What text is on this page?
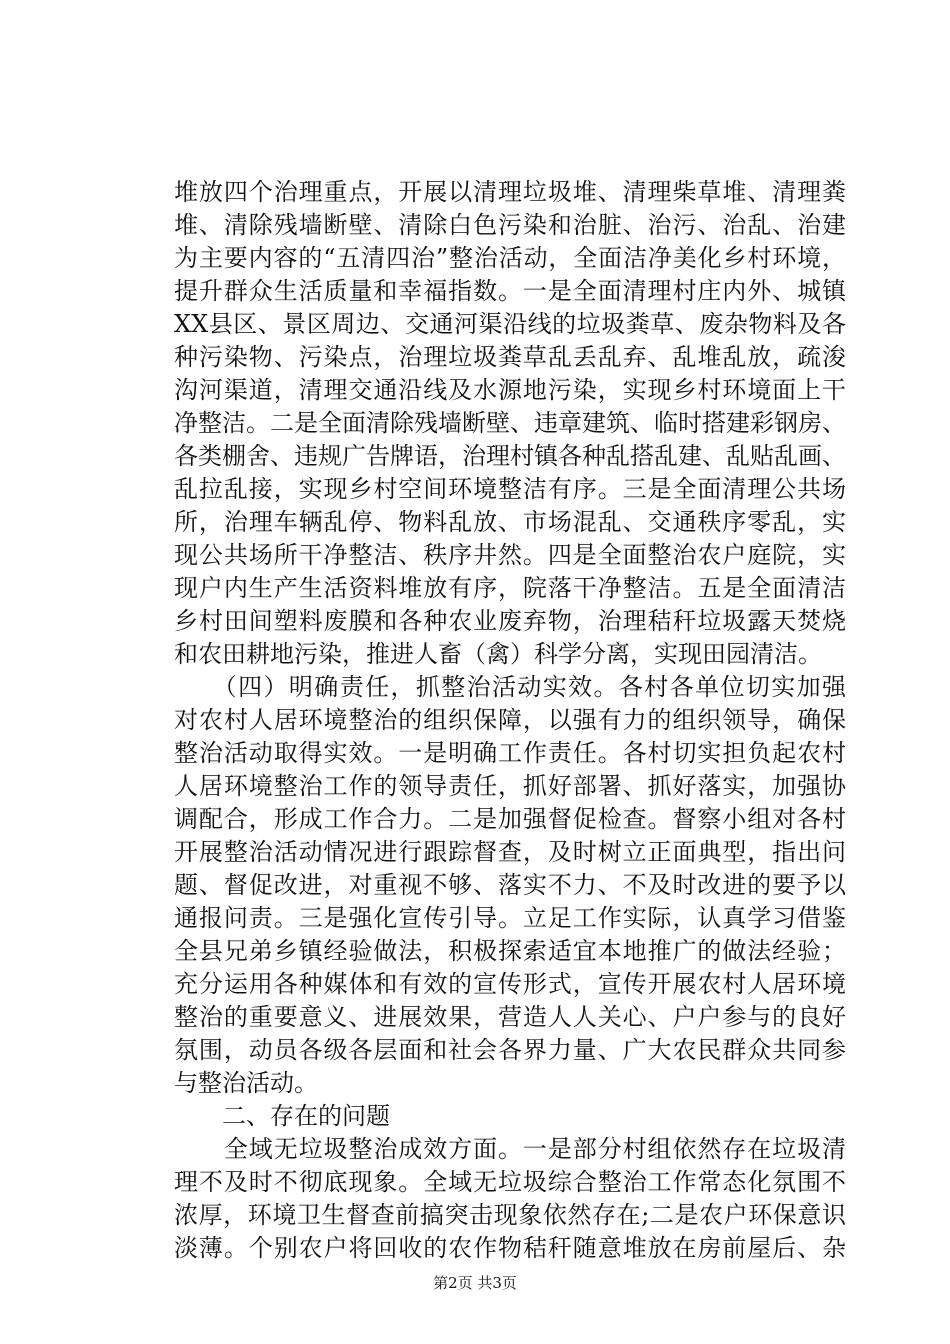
堆放四个治理重点，开展以清理垃圾堆、清理柴草堆、清理粪
堆、清除残墙断壁、清除白色污染和治脏、治污、治乱、治建
为主要内容的“五清四治”整治活动，全面洁净美化乡村环境，
提升群众生活质量和幸福指数。一是全面清理村庄内外、城镇
XX县区、景区周边、交通河渠沿线的垃圾粪草、废杂物料及各
种污染物、污染点，治理垃圾粪草乱丢乱弃、乱堆乱放，疏浚
沟河渠道，清理交通沿线及水源地污染，实现乡村环境面上干
净整洁。二是全面清除残墙断壁、违章建筑、临时搭建彩钢房、
各类棚舍、违规广告牌语，治理村镇各种乱搭乱建、乱贴乱画、
乱拉乱接，实现乡村空间环境整洁有序。三是全面清理公共场
所，治理车辆乱停、物料乱放、市场混乱、交通秩序零乱，实
现公共场所干净整洁、秩序井然。四是全面整治农户庭院，实
现户内生产生活资料堆放有序，院落干净整洁。五是全面清洁
乡村田间塑料废膜和各种农业废弃物，治理秸秆垃圾露天焚烧
和农田耕地污染，推进人畜（禽）科学分离，实现田园清洁。
　　（四）明确责任，抓整治活动实效。各村各单位切实加强
对农村人居环境整治的组织保障，以强有力的组织领导，确保
整治活动取得实效。一是明确工作责任。各村切实担负起农村
人居环境整治工作的领导责任，抓好部署、抓好落实，加强协
调配合，形成工作合力。二是加强督促检查。督察小组对各村
开展整治活动情况进行跟踪督查，及时树立正面典型，指出问
题、督促改进，对重视不够、落实不力、不及时改进的要予以
通报问责。三是强化宣传引导。立足工作实际，认真学习借鉴
全县兄弟乡镇经验做法，积极探索适宜本地推广的做法经验；
充分运用各种媒体和有效的宣传形式，宣传开展农村人居环境
整治的重要意义、进展效果，营造人人关心、户户参与的良好
氛围，动员各级各层面和社会各界力量、广大农民群众共同参
与整治活动。
　　二、存在的问题
　　全域无垃圾整治成效方面。一是部分村组依然存在垃圾清
理不及时不彻底现象。全域无垃圾综合整治工作常态化氛围不
浓厚，环境卫生督查前搞突击现象依然存在;二是农户环保意识
淡薄。个别农户将回收的农作物秸秆随意堆放在房前屋后、杂
第2页 共3页
